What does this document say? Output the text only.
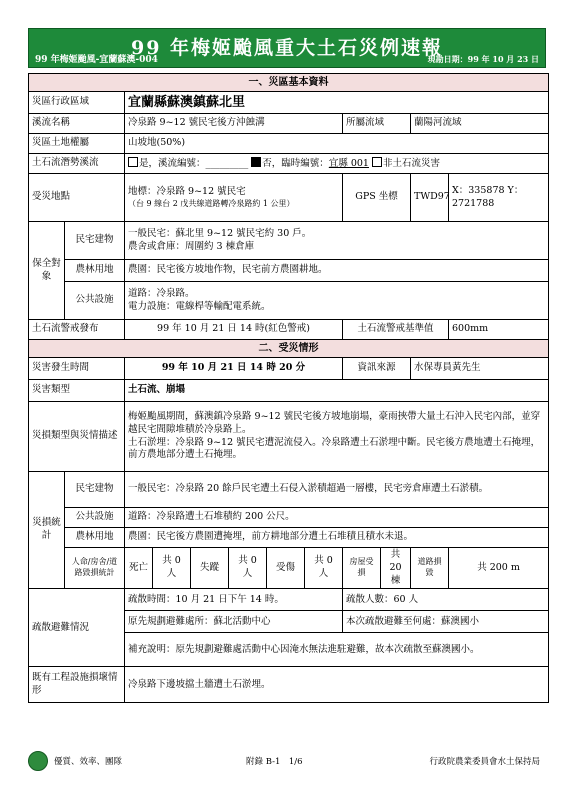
99 年梅姬颱風重大土石災例速報
99 年梅姬颱風-宜蘭蘇澳-004	現勘日期：99 年 10 月 23 日
一、災區基本資料											
災區行政區域		宜蘭縣蘇澳鎮蘇北里									
溪流名稱		冷泉路 9~12 號民宅後方沖蝕溝						所屬流域		蘭陽河流域	
災區土地權屬		山坡地(50%)									
土石流潛勢溪流		是，溪流編號：_________ 否，臨時編號：宜縣 001 非土石流災害									
受災地點		地標：冷泉路 9~12 號民宅
（台 9 線台 2 戊共線道路轉冷泉路約 1 公里）						GPS 坐標		TWD97	X：335878 Y：2721788
保全對象	民宅建物	一般民宅：蘇北里 9~12 號民宅約 30 戶。
農舍或倉庫：周圍約 3 棟倉庫									

	農林用地	農園：民宅後方坡地作物，民宅前方農園耕地。									
	公共設施	道路：冷泉路。
電力設施：電線桿等輸配電系統。									

土石流警戒發布		99 年 10 月 21 日 14 時(紅色警戒)						土石流警戒基準值			600mm
二、受災情形											
災害發生時間		99 年 10 月 21 日 14 時 20 分						資訊來源		水保專員黃先生	
災害類型		土石流、崩塌									
災損類型與災情描述		梅姬颱風期間，蘇澳鎮冷泉路 9~12 號民宅後方坡地崩塌，豪雨挾帶大量土石沖入民宅內部，並穿越民宅間隙堆積於冷泉路上。
土石淤埋：冷泉路 9~12 號民宅遭泥流侵入。冷泉路遭土石淤埋中斷。民宅後方農地遭土石掩埋，前方農地部分遭土石掩埋。									

災損統計	民宅建物	一般民宅：冷泉路 20 餘戶民宅遭土石侵入淤積超過一層樓，民宅旁倉庫遭土石淤積。									
	公共設施	道路：冷泉路遭土石堆積約 200 公尺。									
	農林用地	農園：民宅後方農園遭掩埋，前方耕地部分遭土石堆積且積水未退。									
	人命/房舍/道路毀損統計	死亡	共 0 人	失蹤	共 0 人	受傷	共 0 人	房屋受損	共 20 棟	道路損毀	共 200 m
疏散避難情況		疏散時間：10 月 21 日下午 14 時。						疏散人數：60 人			
		原先規劃避難處所：蘇北活動中心						本次疏散避難至何處：蘇澳國小			
		補充說明：原先規劃避難處活動中心因淹水無法進駐避難，故本次疏散至蘇澳國小。									
既有工程設施損壞情形		冷泉路下邊坡擋土牆遭土石淤埋。									
優質、效率、團隊	附錄 B-1　1/6	行政院農業委員會水土保持局
